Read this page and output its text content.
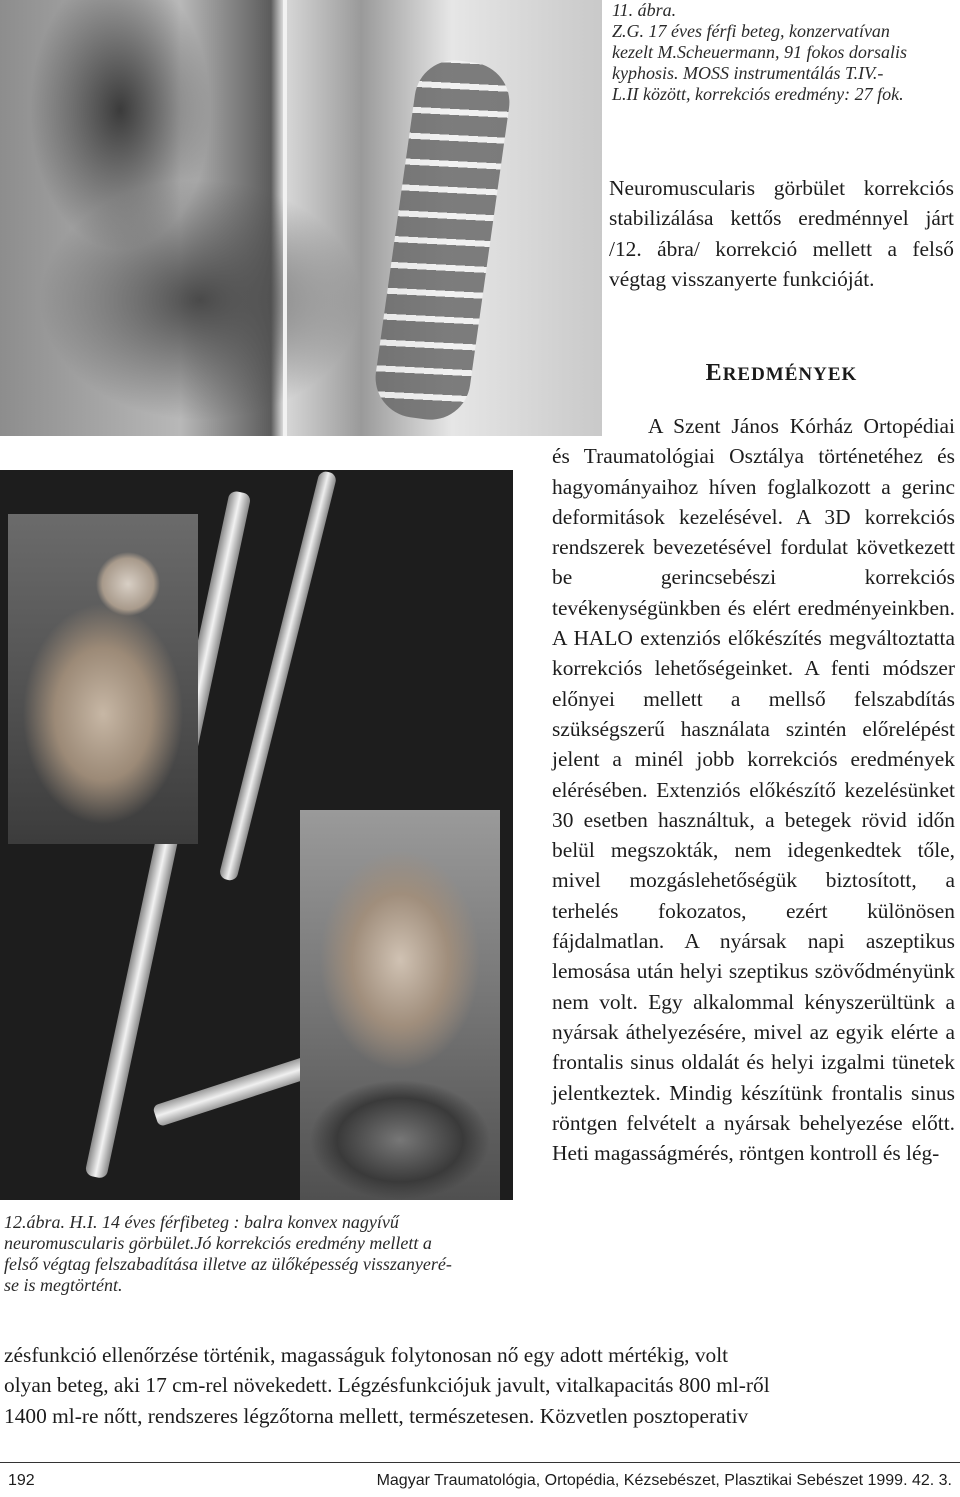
11. ábra.
Z.G. 17 éves férfi beteg, konzervatívan
kezelt M.Scheuermann, 91 fokos dorsalis
kyphosis. MOSS instrumentálás T.IV.-
L.II között, korrekciós eredmény: 27 fok.

Neuromuscularis görbület korrekciós stabilizálása kettős eredménnyel járt /12. ábra/ korrekció mellett a felső végtag visszanyerte funkcióját.

EREDMÉNYEK

A Szent János Kórház Ortopédiai és Traumatológiai Osztálya történetéhez és hagyományaihoz híven foglalkozott a gerinc deformitások kezelésével. A 3D korrekciós rendszerek bevezetésével fordulat következett be gerincsebészi korrekciós tevékenységünkben és elért eredményeinkben. A HALO extenziós előkészítés megváltoztatta korrekciós lehetőségeinket. A fenti módszer előnyei mellett a mellső felszabdítás szükségszerű használata szintén előrelépést jelent a minél jobb korrekciós eredmények elérésében. Extenziós előkészítő kezelésünket 30 esetben használtuk, a betegek rövid időn belül megszokták, nem idegenkedtek tőle, mivel mozgáslehetőségük biztosított, a terhelés fokozatos, ezért különösen fájdalmatlan. A nyársak napi aszeptikus lemosása után helyi szeptikus szövődményünk nem volt. Egy alkalommal kényszerültünk a nyársak áthelyezésére, mivel az egyik elérte a frontalis sinus oldalát és helyi izgalmi tünetek jelentkeztek. Mindig készítünk frontalis sinus röntgen felvételt a nyársak behelyezése előtt. Heti magasságmérés, röntgen kontroll és lég-

12.ábra. H.I. 14 éves férfibeteg : balra konvex nagyívű
neuromuscularis görbület.Jó korrekciós eredmény mellett a
felső végtag felszabadítása illetve az ülőképesség visszanyeré-
se is megtörtént.

zésfunkció ellenőrzése történik, magasságuk folytonosan nő egy adott mértékig, volt
olyan beteg, aki 17 cm-rel növekedett. Légzésfunkciójuk javult, vitalkapacitás 800 ml-ről
1400 ml-re nőtt, rendszeres légzőtorna mellett, természetesen. Közvetlen posztoperativ

192	Magyar Traumatológia, Ortopédia, Kézsebészet, Plasztikai Sebészet 1999. 42. 3.
